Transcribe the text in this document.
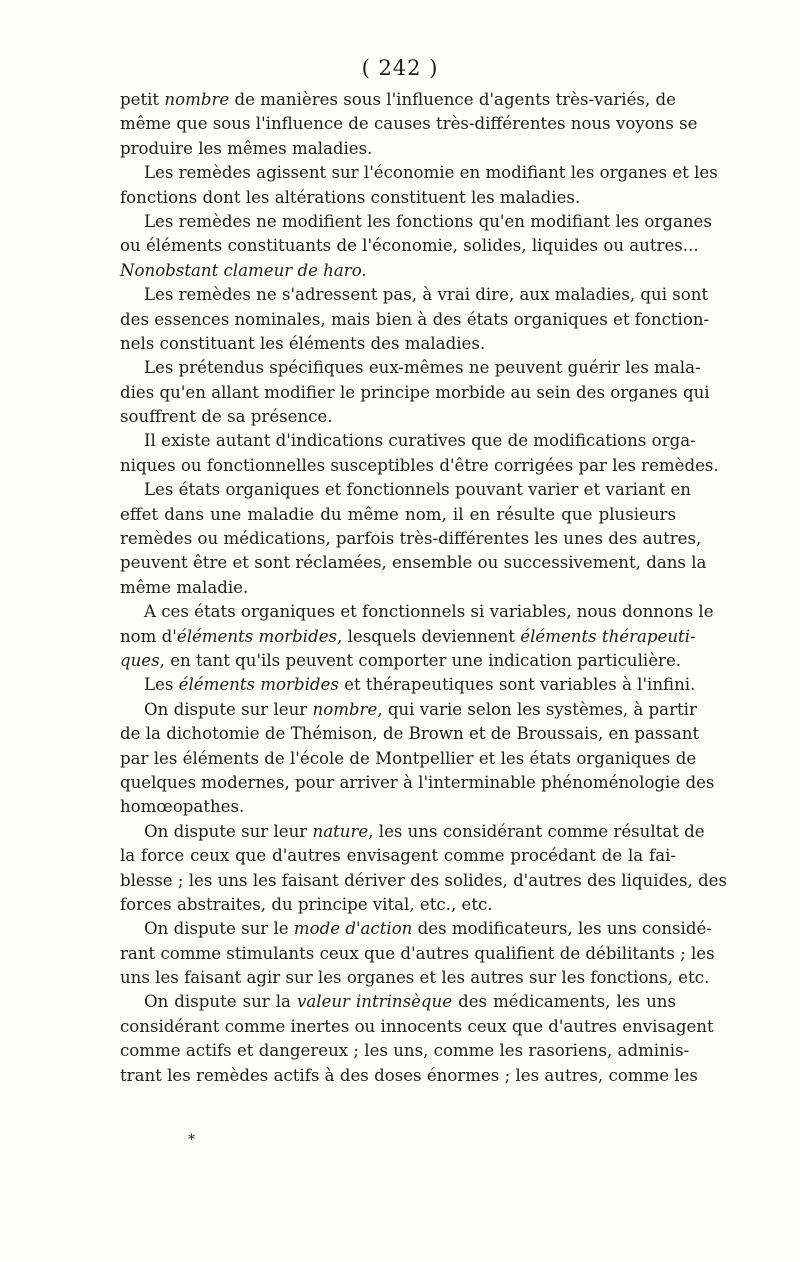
( 242 )
petit nombre de manières sous l'influence d'agents très-variés, de
même que sous l'influence de causes très-différentes nous voyons se
produire les mêmes maladies.
Les remèdes agissent sur l'économie en modifiant les organes et les
fonctions dont les altérations constituent les maladies.
Les remèdes ne modifient les fonctions qu'en modifiant les organes
ou éléments constituants de l'économie, solides, liquides ou autres...
Nonobstant clameur de haro.
Les remèdes ne s'adressent pas, à vrai dire, aux maladies, qui sont
des essences nominales, mais bien à des états organiques et fonction-
nels constituant les éléments des maladies.
Les prétendus spécifiques eux-mêmes ne peuvent guérir les mala-
dies qu'en allant modifier le principe morbide au sein des organes qui
souffrent de sa présence.
Il existe autant d'indications curatives que de modifications orga-
niques ou fonctionnelles susceptibles d'être corrigées par les remèdes.
Les états organiques et fonctionnels pouvant varier et variant en
effet dans une maladie du même nom, il en résulte que plusieurs
remèdes ou médications, parfois très-différentes les unes des autres,
peuvent être et sont réclamées, ensemble ou successivement, dans la
même maladie.
A ces états organiques et fonctionnels si variables, nous donnons le
nom d'éléments morbides, lesquels deviennent éléments thérapeuti-
ques, en tant qu'ils peuvent comporter une indication particulière.
Les éléments morbides et thérapeutiques sont variables à l'infini.
On dispute sur leur nombre, qui varie selon les systèmes, à partir
de la dichotomie de Thémison, de Brown et de Broussais, en passant
par les éléments de l'école de Montpellier et les états organiques de
quelques modernes, pour arriver à l'interminable phénoménologie des
homœopathes.
On dispute sur leur nature, les uns considérant comme résultat de
la force ceux que d'autres envisagent comme procédant de la fai-
blesse ; les uns les faisant dériver des solides, d'autres des liquides, des
forces abstraites, du principe vital, etc., etc.
On dispute sur le mode d'action des modificateurs, les uns considé-
rant comme stimulants ceux que d'autres qualifient de débilitants ; les
uns les faisant agir sur les organes et les autres sur les fonctions, etc.
On dispute sur la valeur intrinsèque des médicaments, les uns
considérant comme inertes ou innocents ceux que d'autres envisagent
comme actifs et dangereux ; les uns, comme les rasoriens, adminis-
trant les remèdes actifs à des doses énormes ; les autres, comme les
*
